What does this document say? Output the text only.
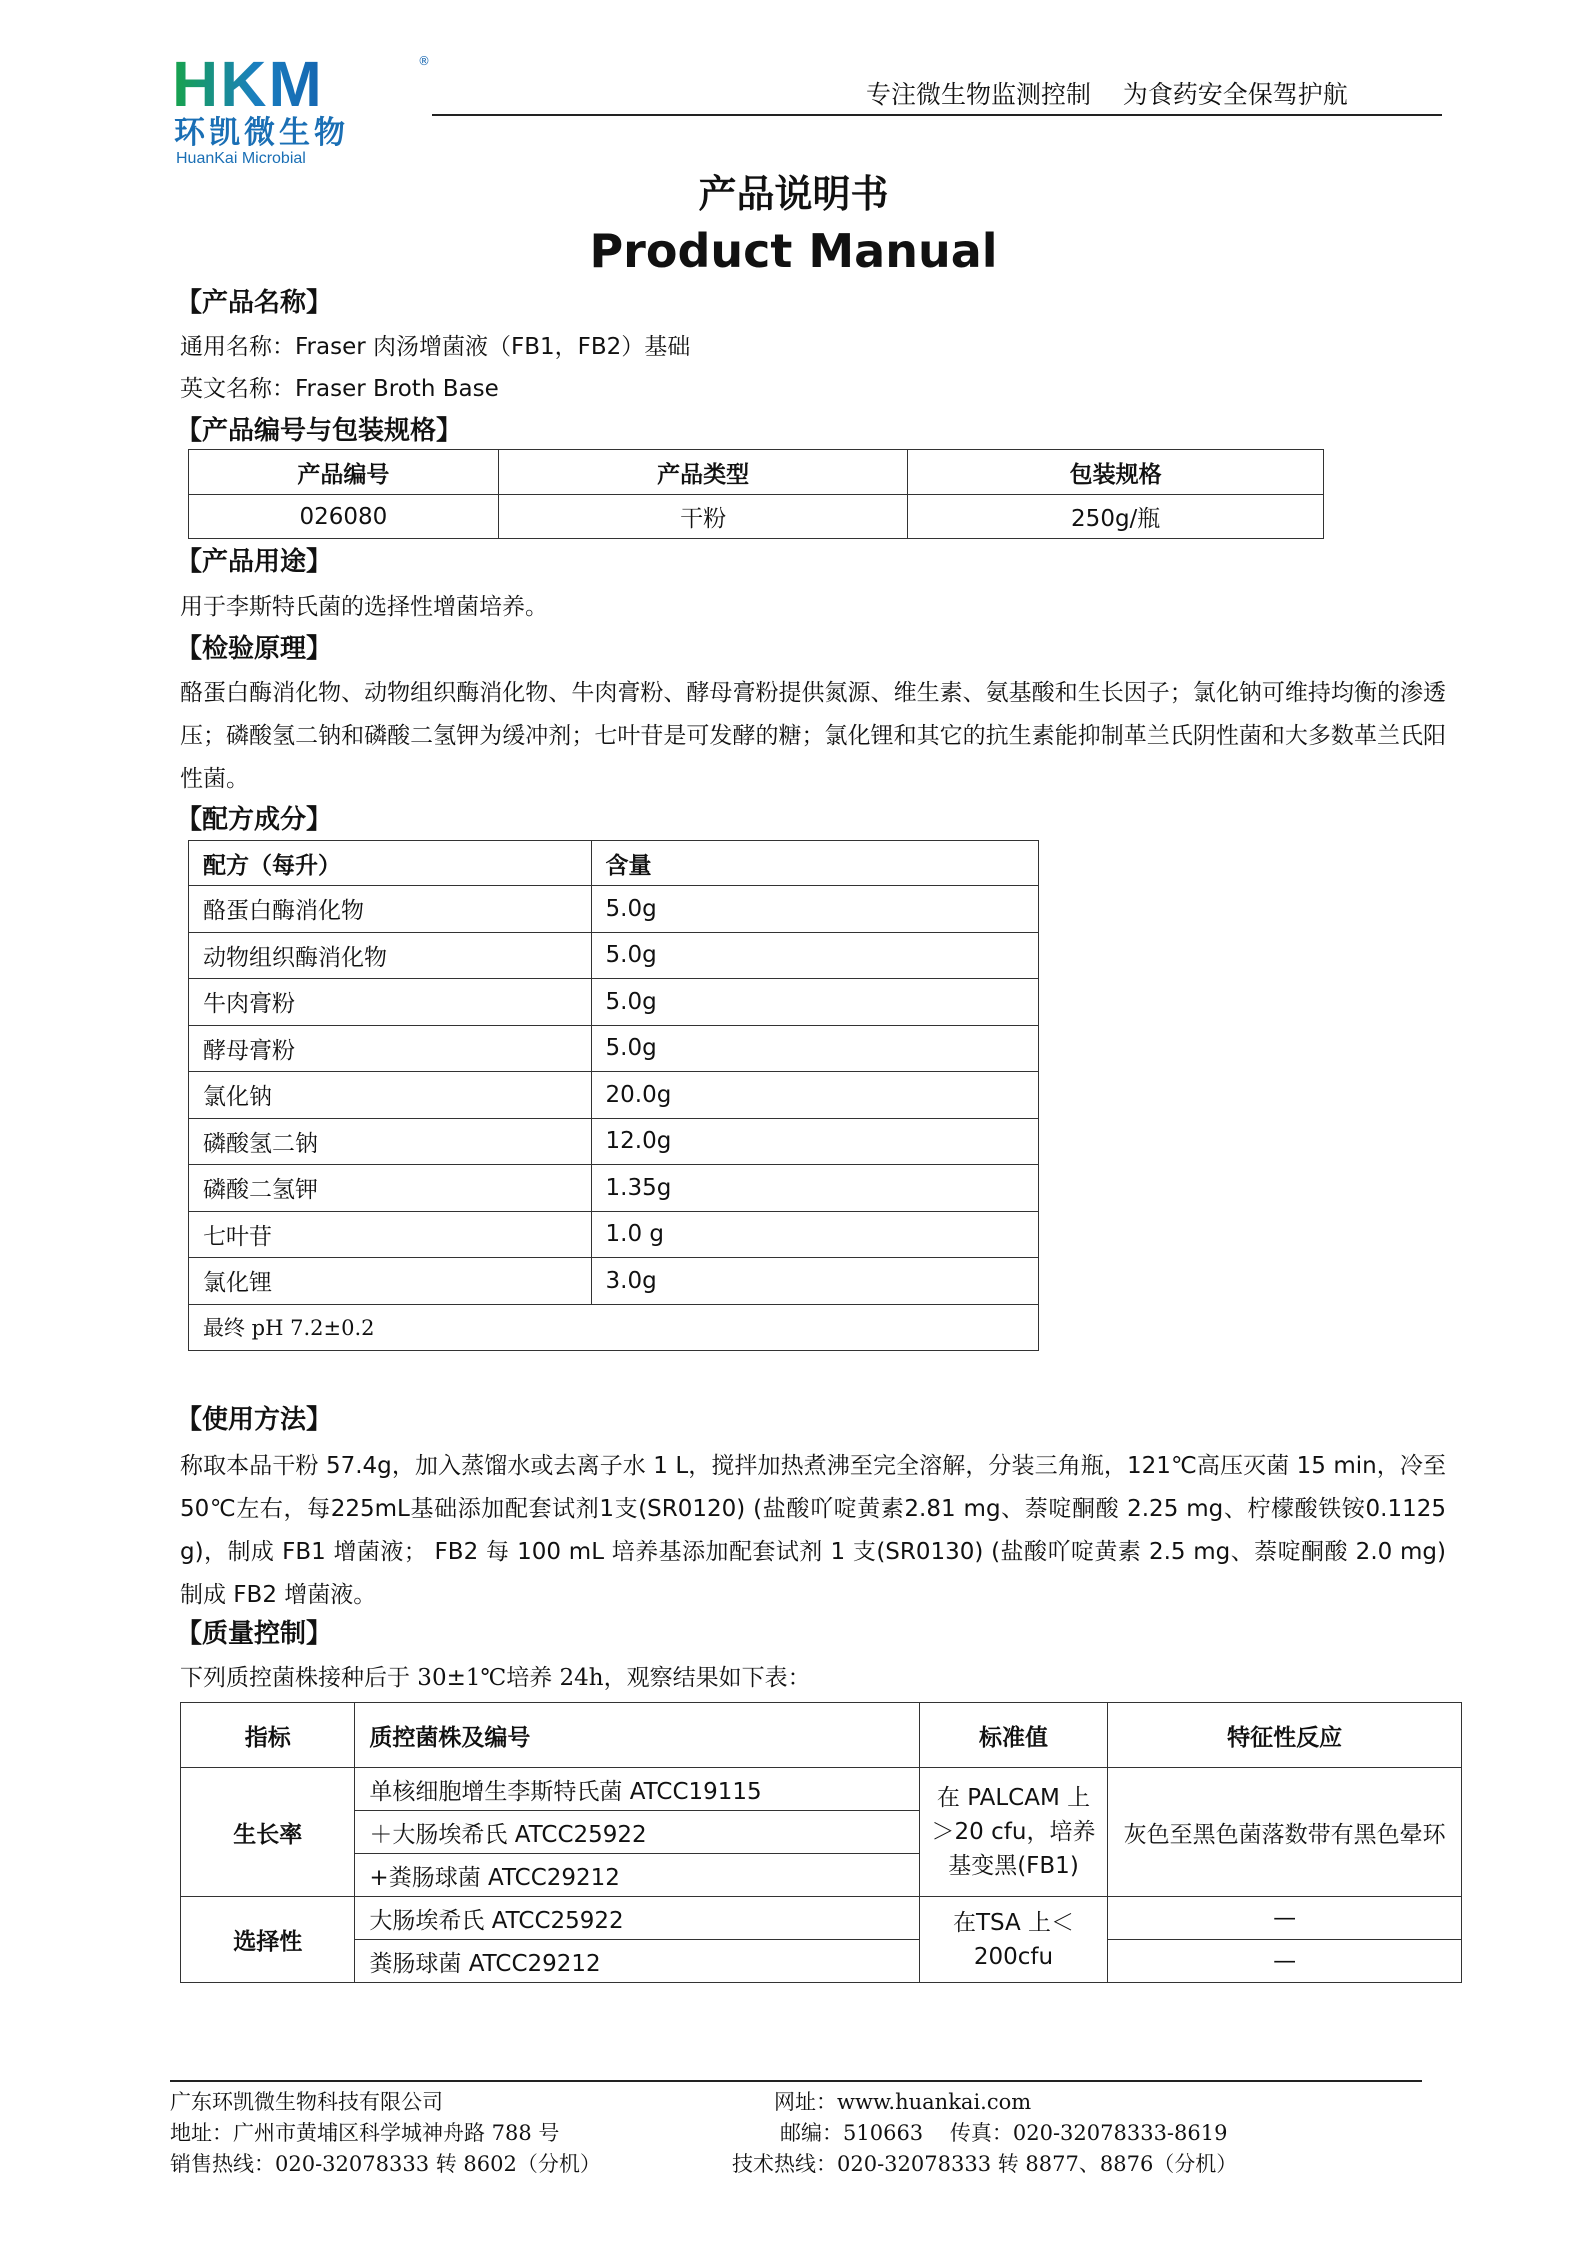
HKM	®
环凯微生物
HuanKai Microbial
专注微生物监测控制    为食药安全保驾护航
产品说明书
Product Manual
【产品名称】
通用名称：Fraser 肉汤增菌液（FB1，FB2）基础
英文名称：Fraser Broth Base
【产品编号与包装规格】
产品编号	产品类型	包装规格
026080	干粉	250g/瓶
【产品用途】
用于李斯特氏菌的选择性增菌培养。
【检验原理】
酪蛋白酶消化物、动物组织酶消化物、牛肉膏粉、酵母膏粉提供氮源、维生素、氨基酸和生长因子；氯化钠可维持均衡的渗透压；磷酸氢二钠和磷酸二氢钾为缓冲剂；七叶苷是可发酵的糖；氯化锂和其它的抗生素能抑制革兰氏阴性菌和大多数革兰氏阳性菌。
【配方成分】
配方（每升）	含量
酪蛋白酶消化物	5.0g
动物组织酶消化物	5.0g
牛肉膏粉	5.0g
酵母膏粉	5.0g
氯化钠	20.0g
磷酸氢二钠	12.0g
磷酸二氢钾	1.35g
七叶苷	1.0 g
氯化锂	3.0g
最终 pH 7.2±0.2	
【使用方法】
称取本品干粉 57.4g，加入蒸馏水或去离子水 1 L，搅拌加热煮沸至完全溶解，分装三角瓶，121℃高压灭菌 15 min，冷至50℃左右，每225mL基础添加配套试剂1支(SR0120) (盐酸吖啶黄素2.81 mg、萘啶酮酸 2.25 mg、柠檬酸铁铵0.1125 g)，制成 FB1 增菌液； FB2 每 100 mL 培养基添加配套试剂 1 支(SR0130) (盐酸吖啶黄素 2.5 mg、萘啶酮酸 2.0 mg) 制成 FB2 增菌液。
【质量控制】
下列质控菌株接种后于 30±1℃培养 24h，观察结果如下表：
指标	质控菌株及编号	标准值	特征性反应
生长率	单核细胞增生李斯特氏菌 ATCC19115	在 PALCAM 上＞20 cfu，培养基变黑(FB1)	灰色至黑色菌落数带有黑色晕环
	＋大肠埃希氏 ATCC25922		
	+粪肠球菌 ATCC29212		
选择性	大肠埃希氏 ATCC25922	在TSA 上＜200cfu	—
	粪肠球菌 ATCC29212		—
广东环凯微生物科技有限公司	网址：www.huankai.com
地址：广州市黄埔区科学城神舟路 788 号	邮编：510663    传真：020-32078333-8619
销售热线：020-32078333 转 8602（分机）	技术热线：020-32078333 转 8877、8876（分机）
